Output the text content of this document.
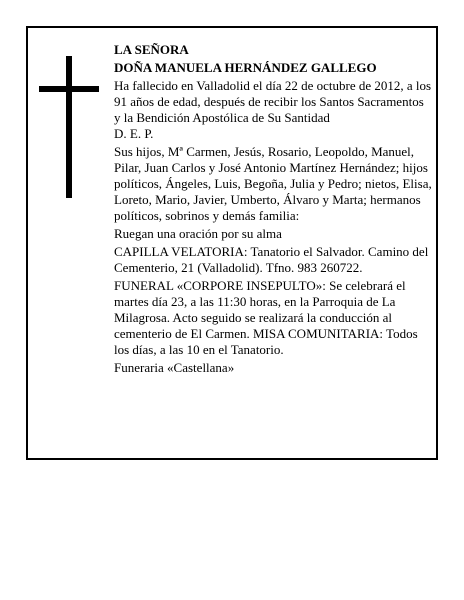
LA SEÑORA

DOÑA MANUELA HERNÁNDEZ GALLEGO

Ha fallecido en Valladolid el día 22 de octubre de 2012, a los 91 años de edad, después de recibir los Santos Sacramentos y la Bendición Apostólica de Su Santidad
D. E. P.

Sus hijos, Mª Carmen, Jesús, Rosario, Leopoldo, Manuel, Pilar, Juan Carlos y José Antonio Martínez Hernández; hijos políticos, Ángeles, Luis, Begoña, Julia y Pedro; nietos, Elisa, Loreto, Mario, Javier, Umberto, Álvaro y Marta; hermanos políticos, sobrinos y demás familia:

Ruegan una oración por su alma

CAPILLA VELATORIA: Tanatorio el Salvador. Camino del Cementerio, 21 (Valladolid). Tfno. 983 260722.

FUNERAL «CORPORE INSEPULTO»: Se celebrará el martes día 23, a las 11:30 horas, en la Parroquia de La Milagrosa. Acto seguido se realizará la conducción al cementerio de El Carmen. MISA COMUNITARIA: Todos los días, a las 10 en el Tanatorio.

Funeraria «Castellana»
